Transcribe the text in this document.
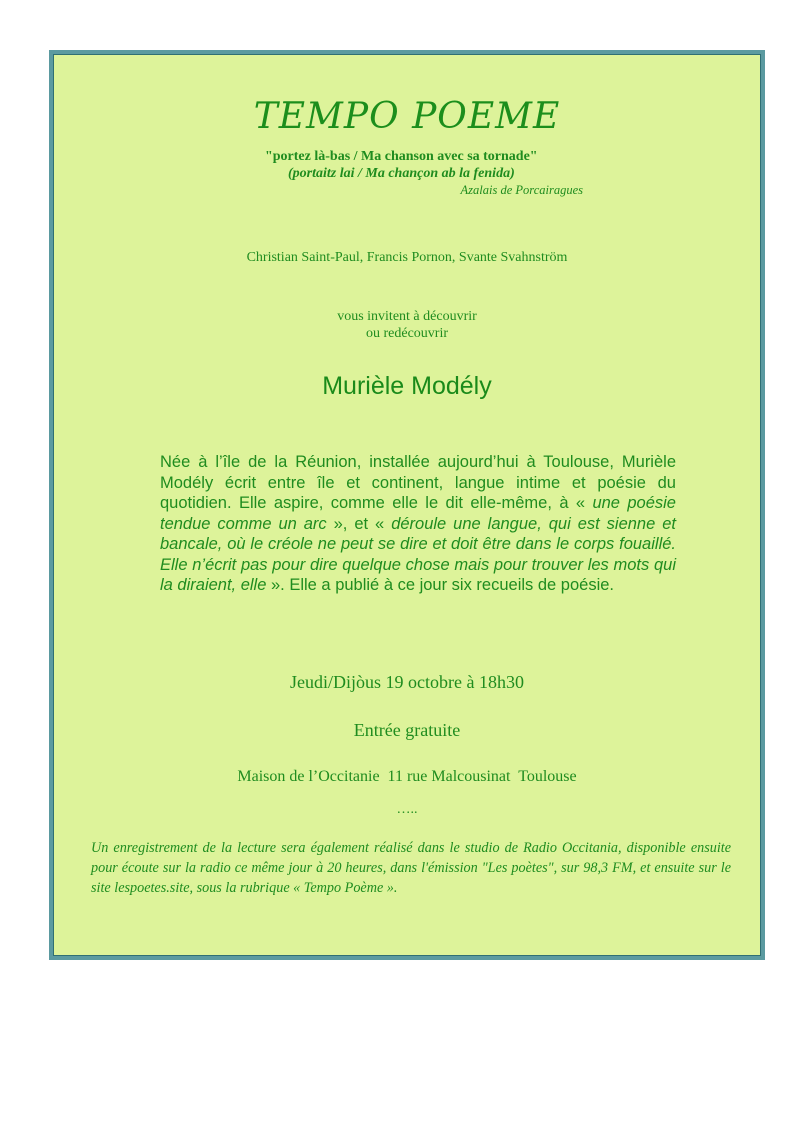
TEMPO POEME
"portez là-bas / Ma chanson avec sa tornade"
(portaitz lai / Ma chançon ab la fenida)
Azalais de Porcairagues
Christian Saint-Paul, Francis Pornon, Svante Svahnström
vous invitent à découvrir
ou redécouvrir
Murièle Modély
Née à l’île de la Réunion, installée aujourd’hui à Toulouse, Murièle Modély écrit entre île et continent, langue intime et poésie du quotidien. Elle aspire, comme elle le dit elle-même, à « une poésie tendue comme un arc », et « déroule une langue, qui est sienne et bancale, où le créole ne peut se dire et doit être dans le corps fouaillé. Elle n’écrit pas pour dire quelque chose mais pour trouver les mots qui la diraient, elle ». Elle a publié à ce jour six recueils de poésie.
Jeudi/Dijòus 19 octobre à 18h30
Entrée gratuite
Maison de l’Occitanie  11 rue Malcousinat  Toulouse
…..
Un enregistrement de la lecture sera également réalisé dans le studio de Radio Occitania, disponible ensuite pour écoute sur la radio ce même jour à 20 heures, dans l'émission "Les poètes", sur 98,3 FM, et ensuite sur le site lespoetes.site, sous la rubrique « Tempo Poème ».
